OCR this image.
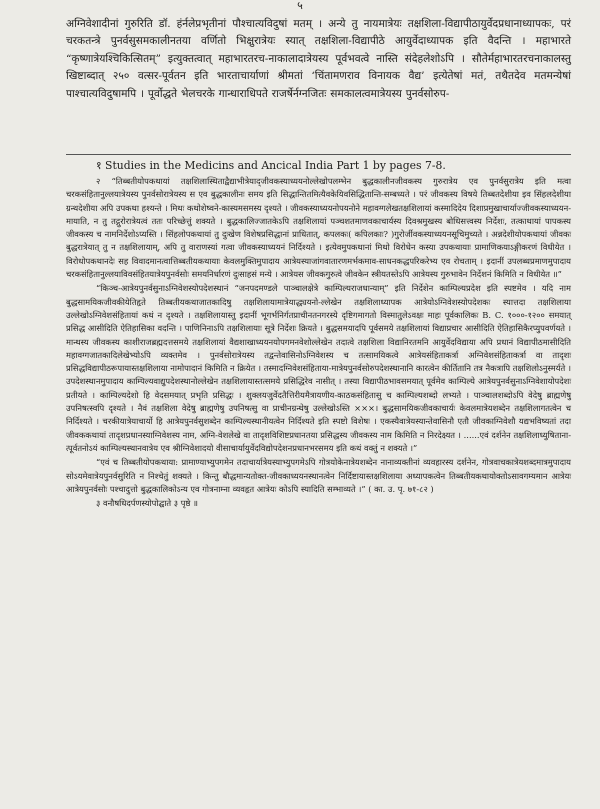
५

अग्निवेशादीनां गुरुरिति डॉ. हंर्नलेप्रभृतीनां पौश्चात्यविदुषां मतम् । अन्ये तु नायमात्रेयः तक्षशिला-विद्यापीठायुर्वेदप्रधानाध्यापकः, परं चरकतन्त्रे पुनर्वसुसमकालीनतया वर्णितो भिक्षुरात्रेयः स्यात् तक्षशिला-विद्यापीठे आयुर्वेदाध्यापक इति वैदन्ति । महाभारते “कृष्णात्रेयश्चिकित्सितम्” इत्युक्तत्वात् महाभारतरच-नाकालादात्रेयस्य पूर्वभवत्वे नास्ति संदेहलेशोऽपि । सौतेर्महाभारतरचनाकालस्तु खिष्टाब्दात् २५० वत्सर-पूर्वतन इति भारताचार्याणां श्रीमतां ‘चिंतामणराव विनायक वैद्य’ इत्येतेषां मतं, तथैतदेव मतमन्येषां पाश्चात्यविदुषामपि । पूर्वोद्धते भेलचरके गान्धाराधिपते राजर्षेर्नग्नजितः समकालत्वमात्रेयस्य पुनर्वसोरुप-

१ Studies in the Medicins and Ancical India Part 1 by pages 7-8.

२ “तिब्बतीयोपकथायां तक्षशिलास्थिताद्वैद्याभीत्रेयाद्जीवकस्याध्ययनोल्लेखोपलम्भेन बुद्धकालीनजीवकस्य गुरुरात्रेय एव पुनर्वसुरात्रेय इति मत्वा चरकसंहितानुल्लयात्रेयस्य पुनर्वसोरात्रेयस्य स एव बुद्धकालीनः समय इति सिद्धान्तितमित्यैवकेयिवसिद्धितान्ति-सम्बध्यते । परं जीवकस्य विषये तिब्बतदेशीया इव सिंहलदेशीया ग्रन्थदेशीया अपि उपकथा हश्यन्ते । मिथः कथोशेष्वने-कास्यमसमस्य दृश्यते । जीवकस्याध्ययनोपयनोने महावग्गलेखतक्षशिलायां कस्मादिदेय दिशाप्रमुखाचार्याज्जीवकस्याध्ययन-मायाति, न तु तद्गुरोरात्रेयत्वं ततः परिच्छेत्तुं शक्यते । बुद्धकालिज्जातकेऽपि तक्षशिलायां पञ्चशतमाणवकाचार्यस्य दिवश्रमुखस्य बोधिसत्त्वस्य निर्देशः, तत्काथायां पापकस्य जीवकस्य च नामनिर्देशोऽप्यस्ति । सिंहलोपकथायां तु दुःखेण विशेषप्रसिद्धानां प्राधितात्, कपलकः( कपिलकाः? )गुरोर्जीवकस्याध्ययनसूचिमुच्यते । अन्नदेशीयोपकथायां जीवकः बुद्धरात्रेयात् तु न तक्षशिलायाम्, अपि तु वाराणस्यां गत्वा जीवकस्याध्ययनं निर्दिश्यते । इत्येवमुपकथानां मिथो विरोधेन कस्या उपकथायाः प्रामाणिकयाऽङ्गीकरणं विधीयेत । विरोधोपकथानदेः सह विवादमानत्वात्तिब्बतीयकथायाः केवलमुक्तिमुपादाय आत्रेयस्याजांगवातारणमर्भकमाव-साधनकद्धपरिकरेभ्य एव रोचताम् । इदानीं उपलब्धप्रमाणमुपादाय चरकसंहितानुल्लयाविवसंहितयात्रेयपुनर्वसोः समयनिर्धारणं दुःसाहसं मन्ये । आत्रेयस जीवकगुरुत्वे जीवकेन स्त्रीयतस्तेऽपि आत्रेयस्य गुरुभावेन निर्देशनं किमिति न विधीयेत ॥”

“किञ्च-आत्रेयपुनर्वसुनाऽग्निवेशस्योपदेशस्थानं “जनपदमण्डले पाञ्चालक्षेत्रे काम्पिल्यराजधान्याम्” इति निर्देशेन काम्पिल्यप्रदेश इति स्पष्टमेव । यदि नाम बुद्धसामयिकजीवकीयेतिहृते तिब्बतीयकथाजातकादिषु तक्षशिलायामात्रेयाद्ध्ययनो-ल्लेखेन तक्षशिलाध्यापक आत्रेयोऽग्निवेशस्योपदेशकः स्यात्तदा तक्षशिलाया उल्लेखोऽग्निवेशसंहितायां कथं न दृश्यते । तक्षशिलायास्तु इदानीं भूगर्भनिर्गतप्राचीनतनगरस्ये दृष्टिगमागतो विस्मातुलेऽवक्षः माहः पूर्वकालिकः B. C. १०००-१२०० समयात् प्रसिद्ध आसीदिति ऐतिहासिका वदन्ति । पाणिनिनाऽपि तक्षशिलायाः सूत्रे निर्देशः क्रियते । बुद्धसमयादपि पूर्वसमये तक्षशिलायां विद्याप्रचार आसीदिति ऐतिहासिकैरप्युपवर्णयते । मान्थस्य जीवकस्य काशीराजब्रह्मदत्तसमये तक्षशिलायां वैद्यशाखाध्ययनयोपगमनवेशोल्लेखेन तदात्वे तक्षशिला विद्यानिरतमनि आयुर्वेदविद्याया अपि प्रधानं विद्यापीठमासीदिति महावग्गजातकादिलेखेभ्योऽपि व्यक्तमेव । पुनर्वसोरात्रेयस्य तद्वन्तेवासिनोऽग्निवेशस्य च तत्सामयिकत्वे आत्रेयसंहिताकर्त्रा अग्निवेशसंहिताकर्त्रा वा तादृशः प्रसिद्धविद्यापीठरूपायास्तक्षशिलाया नामोपादानं किमिति न क्रियेत । तस्मादग्निवेशसंहिताया-मात्रेयपुनर्वसोरुपदेशस्थानानि कारत्वेन कीर्तितानि तत्र नैकत्रापि तक्षशिलोऽनुस्मर्यते । उपदेशस्थानमुपादाय काम्पिल्यवाद्युपदेशस्थानोल्लेखेन तक्षशिलायास्तत्समये प्रसिद्धिरेव नासीत् । तस्या विद्यापीठभावसमयात् पूर्वमेव काम्पिल्ये आत्रेयपुनर्वसुनाऽग्निवेशायोपदेशः प्रतीयते । काम्पिल्यदेशो हि वेदसमयात् प्रभृति प्रसिद्धः । शुक्लयजुर्वेदतैत्तिरीयमैत्रायणीय-काठकसंहितासु च काम्पिल्यशब्दो लभ्यते । पाञ्चालशब्दोऽपि वेदेषु ब्राह्मणेषु उपनिषत्स्वपि दृश्यते । नैवं तक्षशिला वेदेषु ब्राह्मणेषु उपनिषत्सु वा प्राचीनग्रन्थेषु उल्लेखोऽस्ति ×××। बुद्धसामयिकजीवकाचार्यः केवलमात्रेयशब्देन तक्षशिलागतत्वेन च निर्दिश्यते । चरकीयात्रेयाचार्यो हि आत्रेयपुनर्वसुशब्देन काम्पिल्यस्थानीयत्वेन निर्दिश्यते इति स्पष्टो विशेषः । एकस्यैवात्रेयस्यान्तेवासिनौ एतौ जीवकाग्निवेशौ यद्यभविष्यतां तदा जीवककथायां तादृशप्रधानस्याग्निवेशस्य नाम, अग्नि-वेशलेखे वा तादृशविशिष्टप्रधानतया प्रसिद्धस्य जीवकस्य नाम किमिति न निरदेक्ष्यत । ......एवं दर्शनेन तक्षशिलाध्युषिताना-त्पूर्वतनोऽयं काम्पिल्यस्थानवात्रेय एव श्रीग्निवेशादयो वीसाचार्यायुर्वेदविद्योपदेशनप्रधानभरसमय इति कथं वक्तुं न शक्यते ।”

“एवं च तिब्बतीयोपकथाया: प्रामाण्याभ्युपगमेन तदाचार्यात्रेयस्याभ्युपगमेऽपि गोत्रयोकेनात्रेयशब्देन नानाव्यक्तीनां व्यवहारस्य दर्शनेन, गोत्रवाचकात्रेयशब्दमात्रमुपादाय सोऽयमेवात्रेयपुनर्वसुरिति न निश्चेतुं शक्यते । किन्तु बौद्धमान्यतोक्त-जीवकाध्ययनस्थानत्वेन निर्दिष्टायास्तक्षशिलाया अध्यापकत्वेन तिब्बतीयकथायोक्तोऽसावगम्यमान आत्रेयः आत्रेयपुनर्वसोः पश्चादुत्तो बुद्धकालिकोऽन्य एव गोत्रनाम्ना व्यवहृत आत्रेयः कोऽपि स्यादिति सम्भाव्यते ।” ( का. उ. पृ. ७१-८२ )

३ वनौषधिदर्पणस्योपोद्घाते ३ पृष्ठे ॥
